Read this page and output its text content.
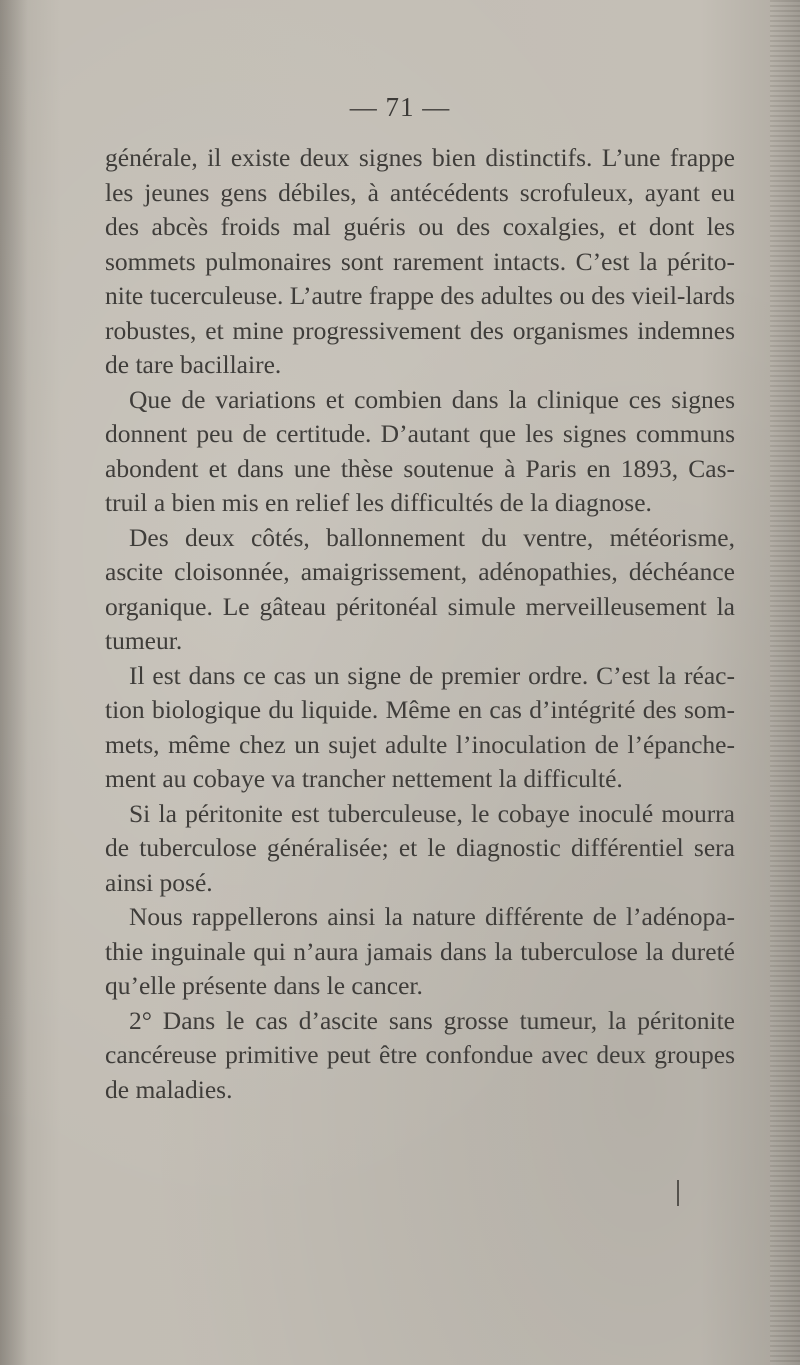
— 71 —

générale, il existe deux signes bien distinctifs. L’une frappe les jeunes gens débiles, à antécédents scrofuleux, ayant eu des abcès froids mal guéris ou des coxalgies, et dont les sommets pulmonaires sont rarement intacts. C’est la périto-nite tucerculeuse. L’autre frappe des adultes ou des vieil-lards robustes, et mine progressivement des organismes indemnes de tare bacillaire.

Que de variations et combien dans la clinique ces signes donnent peu de certitude. D’autant que les signes communs abondent et dans une thèse soutenue à Paris en 1893, Cas-truil a bien mis en relief les difficultés de la diagnose.

Des deux côtés, ballonnement du ventre, météorisme, ascite cloisonnée, amaigrissement, adénopathies, déchéance organique. Le gâteau péritonéal simule merveilleusement la tumeur.

Il est dans ce cas un signe de premier ordre. C’est la réac-tion biologique du liquide. Même en cas d’intégrité des som-mets, même chez un sujet adulte l’inoculation de l’épanche-ment au cobaye va trancher nettement la difficulté.

Si la péritonite est tuberculeuse, le cobaye inoculé mourra de tuberculose généralisée; et le diagnostic différentiel sera ainsi posé.

Nous rappellerons ainsi la nature différente de l’adénopa-thie inguinale qui n’aura jamais dans la tuberculose la dureté qu’elle présente dans le cancer.

2° Dans le cas d’ascite sans grosse tumeur, la péritonite cancéreuse primitive peut être confondue avec deux groupes de maladies.
